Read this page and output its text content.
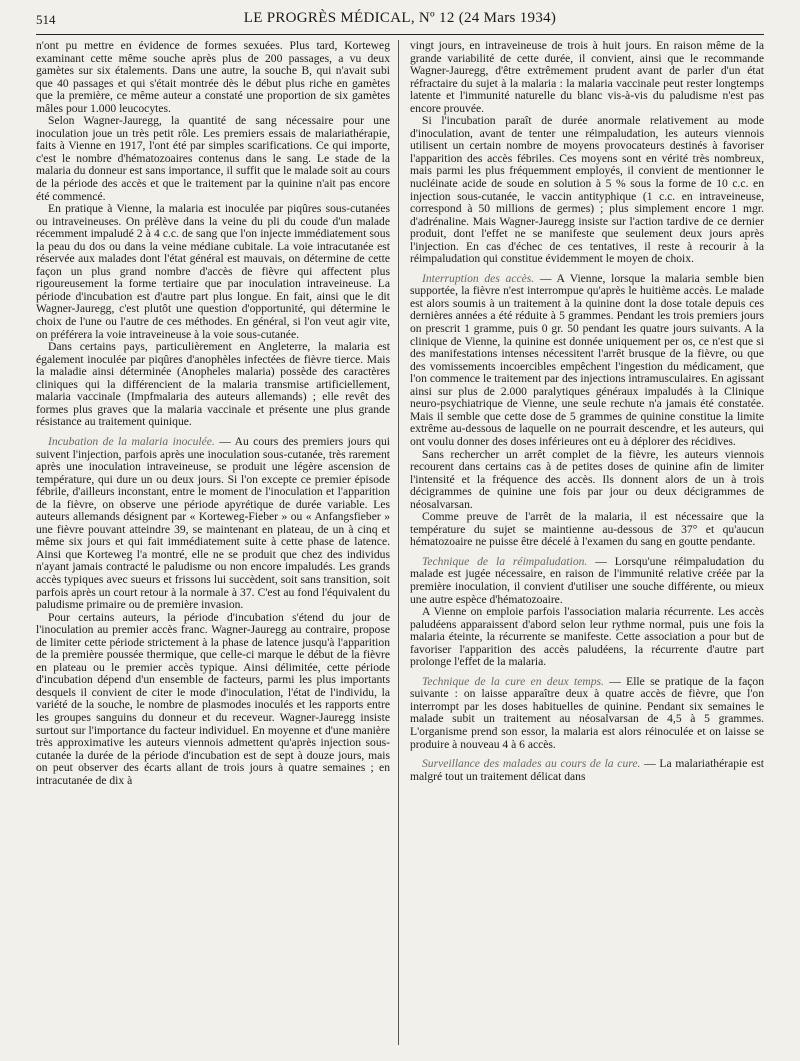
514	LE PROGRÈS MÉDICAL, Nº 12 (24 Mars 1934)

n'ont pu mettre en évidence de formes sexuées. Plus tard, Korteweg examinant cette même souche après plus de 200 passages, a vu deux gamètes sur six étalements. Dans une autre, la souche B, qui n'avait subi que 40 passages et qui s'était montrée dès le début plus riche en gamètes que la première, ce même auteur a constaté une proportion de six gamètes mâles pour 1.000 leucocytes.

Selon Wagner-Jauregg, la quantité de sang nécessaire pour une inoculation joue un très petit rôle. Les premiers essais de malariathérapie, faits à Vienne en 1917, l'ont été par simples scarifications. Ce qui importe, c'est le nombre d'hématozoaires contenus dans le sang. Le stade de la malaria du donneur est sans importance, il suffit que le malade soit au cours de la période des accès et que le traitement par la quinine n'ait pas encore été commencé.

En pratique à Vienne, la malaria est inoculée par piqûres sous-cutanées ou intraveineuses. On prélève dans la veine du pli du coude d'un malade récemment impaludé 2 à 4 c.c. de sang que l'on injecte immédiatement sous la peau du dos ou dans la veine médiane cubitale. La voie intracutanée est réservée aux malades dont l'état général est mauvais, on détermine de cette façon un plus grand nombre d'accès de fièvre qui affectent plus rigoureusement la forme tertiaire que par inoculation intraveineuse. La période d'incubation est d'autre part plus longue. En fait, ainsi que le dit Wagner-Jauregg, c'est plutôt une question d'opportunité, qui détermine le choix de l'une ou l'autre de ces méthodes. En général, si l'on veut agir vite, on préférera la voie intraveineuse à la voie sous-cutanée.

Dans certains pays, particulièrement en Angleterre, la malaria est également inoculée par piqûres d'anophèles infectées de fièvre tierce. Mais la maladie ainsi déterminée (Anopheles malaria) possède des caractères cliniques qui la différencient de la malaria transmise artificiellement, malaria vaccinale (Impfmalaria des auteurs allemands) ; elle revêt des formes plus graves que la malaria vaccinale et présente une plus grande résistance au traitement quinique.

Incubation de la malaria inoculée. — Au cours des premiers jours qui suivent l'injection, parfois après une inoculation sous-cutanée, très rarement après une inoculation intraveineuse, se produit une légère ascension de température, qui dure un ou deux jours. Si l'on excepte ce premier épisode fébrile, d'ailleurs inconstant, entre le moment de l'inoculation et l'apparition de la fièvre, on observe une période apyrétique de durée variable. Les auteurs allemands désignent par « Korteweg-Fieber » ou « Anfangsfieber » une fièvre pouvant atteindre 39, se maintenant en plateau, de un à cinq et même six jours et qui fait immédiatement suite à cette phase de latence. Ainsi que Korteweg l'a montré, elle ne se produit que chez des individus n'ayant jamais contracté le paludisme ou non encore impaludés. Les grands accès typiques avec sueurs et frissons lui succèdent, soit sans transition, soit parfois après un court retour à la normale à 37. C'est au fond l'équivalent du paludisme primaire ou de première invasion.

Pour certains auteurs, la période d'incubation s'étend du jour de l'inoculation au premier accès franc. Wagner-Jauregg au contraire, propose de limiter cette période strictement à la phase de latence jusqu'à l'apparition de la première poussée thermique, que celle-ci marque le début de la fièvre en plateau ou le premier accès typique. Ainsi délimitée, cette période d'incubation dépend d'un ensemble de facteurs, parmi les plus importants desquels il convient de citer le mode d'inoculation, l'état de l'individu, la variété de la souche, le nombre de plasmodes inoculés et les rapports entre les groupes sanguins du donneur et du receveur. Wagner-Jauregg insiste surtout sur l'importance du facteur individuel. En moyenne et d'une manière très approximative les auteurs viennois admettent qu'après injection sous-cutanée la durée de la période d'incubation est de sept à douze jours, mais on peut observer des écarts allant de trois jours à quatre semaines ; en intracutanée de dix à

vingt jours, en intraveineuse de trois à huit jours. En raison même de la grande variabilité de cette durée, il convient, ainsi que le recommande Wagner-Jauregg, d'être extrêmement prudent avant de parler d'un état réfractaire du sujet à la malaria : la malaria vaccinale peut rester longtemps latente et l'immunité naturelle du blanc vis-à-vis du paludisme n'est pas encore prouvée.

Si l'incubation paraît de durée anormale relativement au mode d'inoculation, avant de tenter une réimpaludation, les auteurs viennois utilisent un certain nombre de moyens provocateurs destinés à favoriser l'apparition des accès fébriles. Ces moyens sont en vérité très nombreux, mais parmi les plus fréquemment employés, il convient de mentionner le nucléinate acide de soude en solution à 5 % sous la forme de 10 c.c. en injection sous-cutanée, le vaccin antityphique (1 c.c. en intraveineuse, correspond à 50 millions de germes) ; plus simplement encore 1 mgr. d'adrénaline. Mais Wagner-Jauregg insiste sur l'action tardive de ce dernier produit, dont l'effet ne se manifeste que seulement deux jours après l'injection. En cas d'échec de ces tentatives, il reste à recourir à la réimpaludation qui constitue évidemment le moyen de choix.

Interruption des accès. — A Vienne, lorsque la malaria semble bien supportée, la fièvre n'est interrompue qu'après le huitième accès. Le malade est alors soumis à un traitement à la quinine dont la dose totale depuis ces dernières années a été réduite à 5 grammes. Pendant les trois premiers jours on prescrit 1 gramme, puis 0 gr. 50 pendant les quatre jours suivants. A la clinique de Vienne, la quinine est donnée uniquement per os, ce n'est que si des manifestations intenses nécessitent l'arrêt brusque de la fièvre, ou que des vomissements incoercibles empêchent l'ingestion du médicament, que l'on commence le traitement par des injections intramusculaires. En agissant ainsi sur plus de 2.000 paralytiques généraux impaludés à la Clinique neuro-psychiatrique de Vienne, une seule rechute n'a jamais été constatée. Mais il semble que cette dose de 5 grammes de quinine constitue la limite extrême au-dessous de laquelle on ne pourrait descendre, et les auteurs, qui ont voulu donner des doses inférieures ont eu à déplorer des récidives.

Sans rechercher un arrêt complet de la fièvre, les auteurs viennois recourent dans certains cas à de petites doses de quinine afin de limiter l'intensité et la fréquence des accès. Ils donnent alors de un à trois décigrammes de quinine une fois par jour ou deux décigrammes de néosalvarsan.

Comme preuve de l'arrêt de la malaria, il est nécessaire que la température du sujet se maintienne au-dessous de 37° et qu'aucun hématozoaire ne puisse être décelé à l'examen du sang en goutte pendante.

Technique de la réimpaludation. — Lorsqu'une réimpaludation du malade est jugée nécessaire, en raison de l'immunité relative créée par la première inoculation, il convient d'utiliser une souche différente, ou mieux une autre espèce d'hématozoaire.

A Vienne on emploie parfois l'association malaria récurrente. Les accès paludéens apparaissent d'abord selon leur rythme normal, puis une fois la malaria éteinte, la récurrente se manifeste. Cette association a pour but de favoriser l'apparition des accès paludéens, la récurrente d'autre part prolonge l'effet de la malaria.

Technique de la cure en deux temps. — Elle se pratique de la façon suivante : on laisse apparaître deux à quatre accès de fièvre, que l'on interrompt par les doses habituelles de quinine. Pendant six semaines le malade subit un traitement au néosalvarsan de 4,5 à 5 grammes. L'organisme prend son essor, la malaria est alors réinoculée et on laisse se produire à nouveau 4 à 6 accès.

Surveillance des malades au cours de la cure. — La malariathérapie est malgré tout un traitement délicat dans
